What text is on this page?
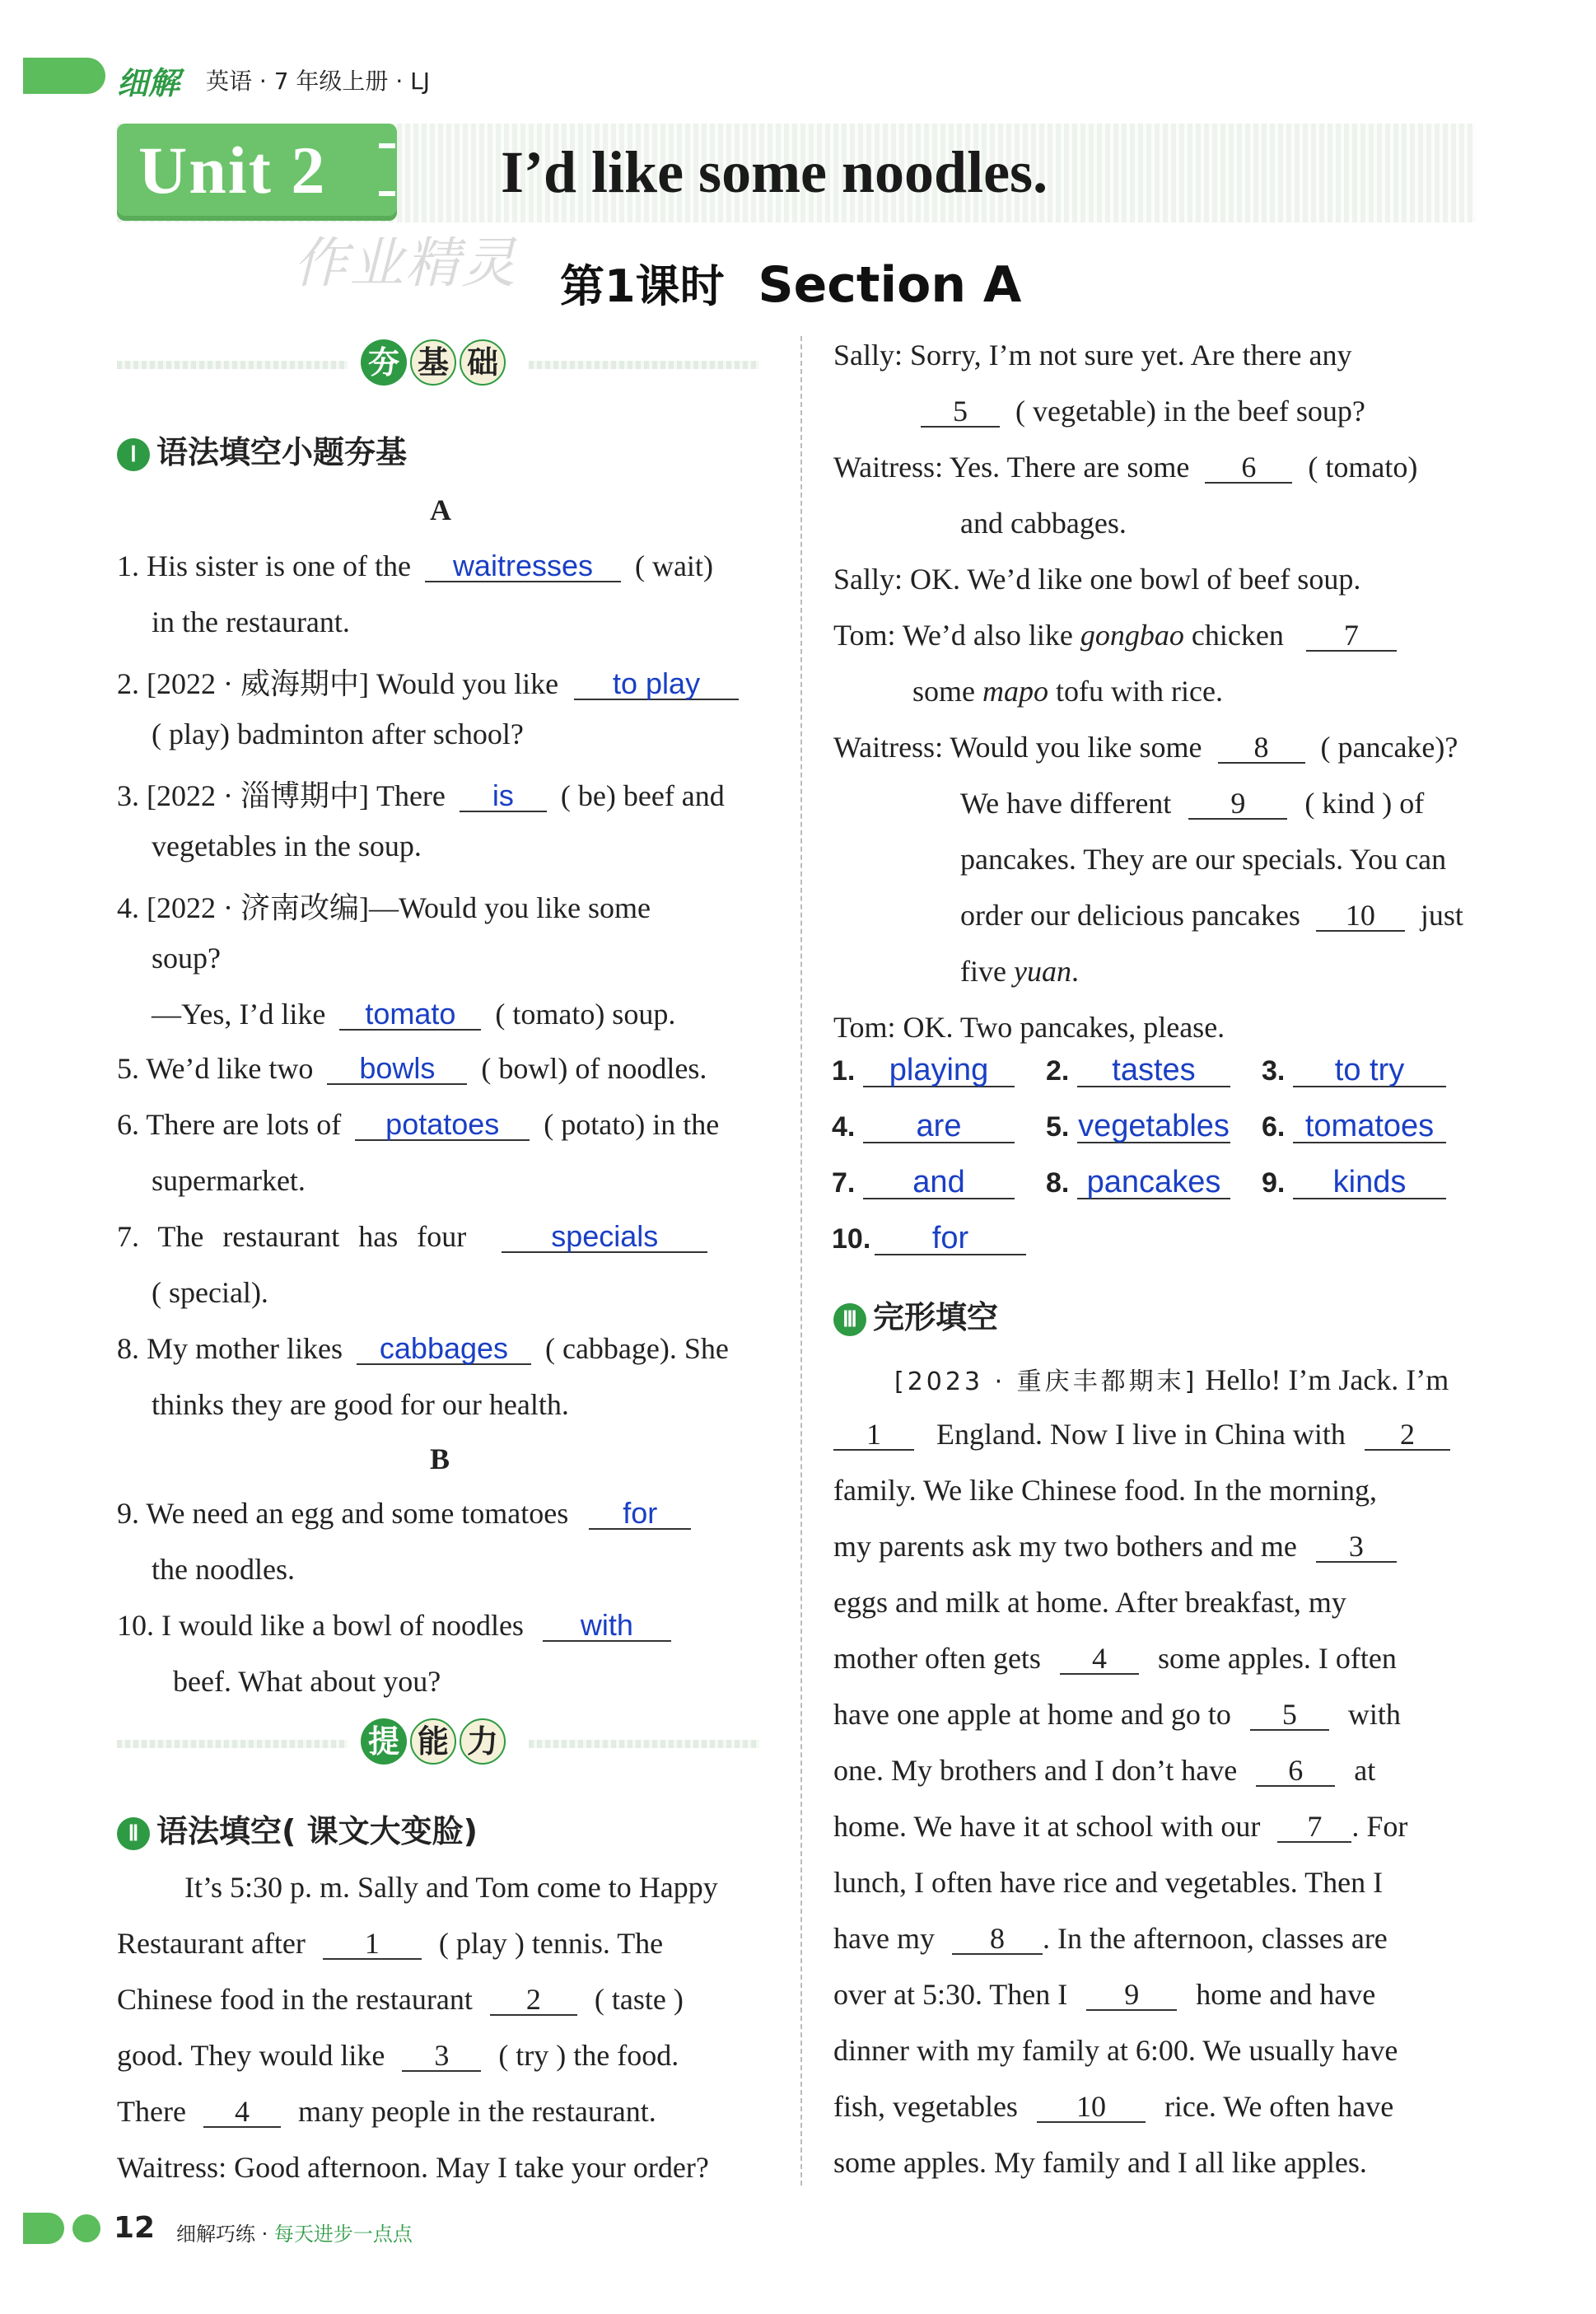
细解 英语 · 7 年级上册 · LJ
Unit 2	I’d like some noodles.
作业精灵 第1课时 Section A
夯 基 础
Ⅰ 语法填空小题夯基
A
1. His sister is one of the waitresses ( wait)
in the restaurant.
2. [2022 · 威海期中] Would you like to play
( play) badminton after school?
3. [2022 · 淄博期中] There is ( be) beef and
vegetables in the soup.
4. [2022 · 济南改编]—Would you like some
soup?
—Yes, I’d like tomato ( tomato) soup.
5. We’d like two bowls ( bowl) of noodles.
6. There are lots of potatoes ( potato) in the
supermarket.
7. The restaurant has four	specials
( special).
8. My mother likes cabbages ( cabbage). She
thinks they are good for our health.
B
9. We need an egg and some tomatoes for
the noodles.
10. I would like a bowl of noodles with
beef. What about you?
提 能 力
Ⅱ 语法填空( 课文大变脸)
It’s 5:30 p. m. Sally and Tom come to Happy
Restaurant after 1 ( play ) tennis. The
Chinese food in the restaurant 2 ( taste )
good. They would like 3 ( try ) the food.
There 4 many people in the restaurant.
Waitress: Good afternoon. May I take your order?
Sally: Sorry, I’m not sure yet. Are there any
5 ( vegetable) in the beef soup?
Waitress: Yes. There are some 6 ( tomato)
and cabbages.
Sally: OK. We’d like one bowl of beef soup.
Tom: We’d also like gongbao chicken 7
some mapo tofu with rice.
Waitress: Would you like some 8 ( pancake)?
We have different 9 ( kind ) of
pancakes. They are our specials. You can
order our delicious pancakes 10 just
five yuan.
Tom: OK. Two pancakes, please.
1. playing	2. tastes	3. to try
4. are	5. vegetables 6. tomatoes
7. and	8. pancakes	9. kinds
10. for
Ⅲ 完形填空
[2023 · 重庆丰都期末] Hello! I’m Jack. I’m
1 England. Now I live in China with 2
family. We like Chinese food. In the morning,
my parents ask my two bothers and me 3
eggs and milk at home. After breakfast, my
mother often gets 4 some apples. I often
have one apple at home and go to 5 with
one. My brothers and I don’t have 6 at
home. We have it at school with our 7 . For
lunch, I often have rice and vegetables. Then I
have my 8 . In the afternoon, classes are
over at 5:30. Then I 9 home and have
dinner with my family at 6:00. We usually have
fish, vegetables 10 rice. We often have
some apples. My family and I all like apples.
12 细解巧练 · 每天进步一点点
